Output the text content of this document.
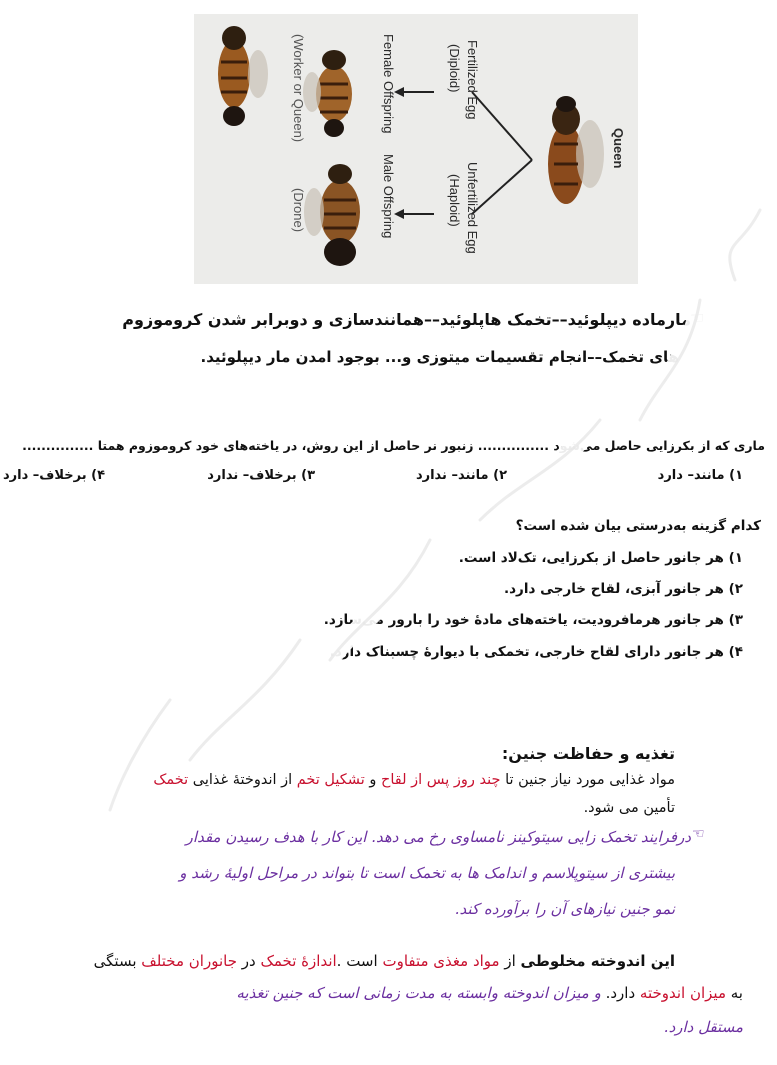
Queen
Fertilized Egg
(Diploid)
Unfertilized Egg
(Haploid)
Female Offspring
Male Offspring
(Worker or Queen)
(Drone)
☜
مارماده دیپلوئید––تخمک هاپلوئید––همانندسازی و دوبرابر شدن کروموزوم
های تخمک––انجام تقسیمات میتوزی و... بوجود امدن مار دیپلوئید.
ماری که از بکرزایی حاصل می‌شود ............... زنبور نر حاصل از این روش، در یاخته‌های خود کروموزوم همتا ...............
۱) مانند– دارد
۲) مانند– ندارد
۳) برخلاف– ندارد
۴) برخلاف– دارد
کدام گزینه به‌درستی بیان شده است؟
۱) هر جانور حاصل از بکرزایی، تک‌لاد است.
۲) هر جانور آبزی، لقاح خارجی دارد.
۳) هر جانور هرمافرودیت، یاخته‌های مادهٔ خود را بارور می‌سازد.
۴) هر جانور دارای لقاح خارجی، تخمکی با دیوارهٔ چسبناک دارد.
تغذیه و حفاظت جنین:
مواد غذایی مورد نیاز جنین تا چند روز پس از لقاح و تشکیل تخم از اندوختهٔ غذایی تخمک
تأمین می شود.
☜
درفرایند تخمک زایی سیتوکینز نامساوی رخ می دهد. این کار با هدف رسیدن مقدار
بیشتری از سیتوپلاسم و اندامک ها به تخمک است تا بتواند در مراحل اولیهٔ رشد و
نمو جنین نیازهای آن را برآورده کند.
این اندوخته مخلوطی از مواد مغذی متفاوت است .اندازهٔ تخمک در جانوران مختلف بستگی
به میزان اندوخته دارد. و میزان اندوخته وابسته به مدت زمانی است که جنین تغذیه
مستقل دارد.
